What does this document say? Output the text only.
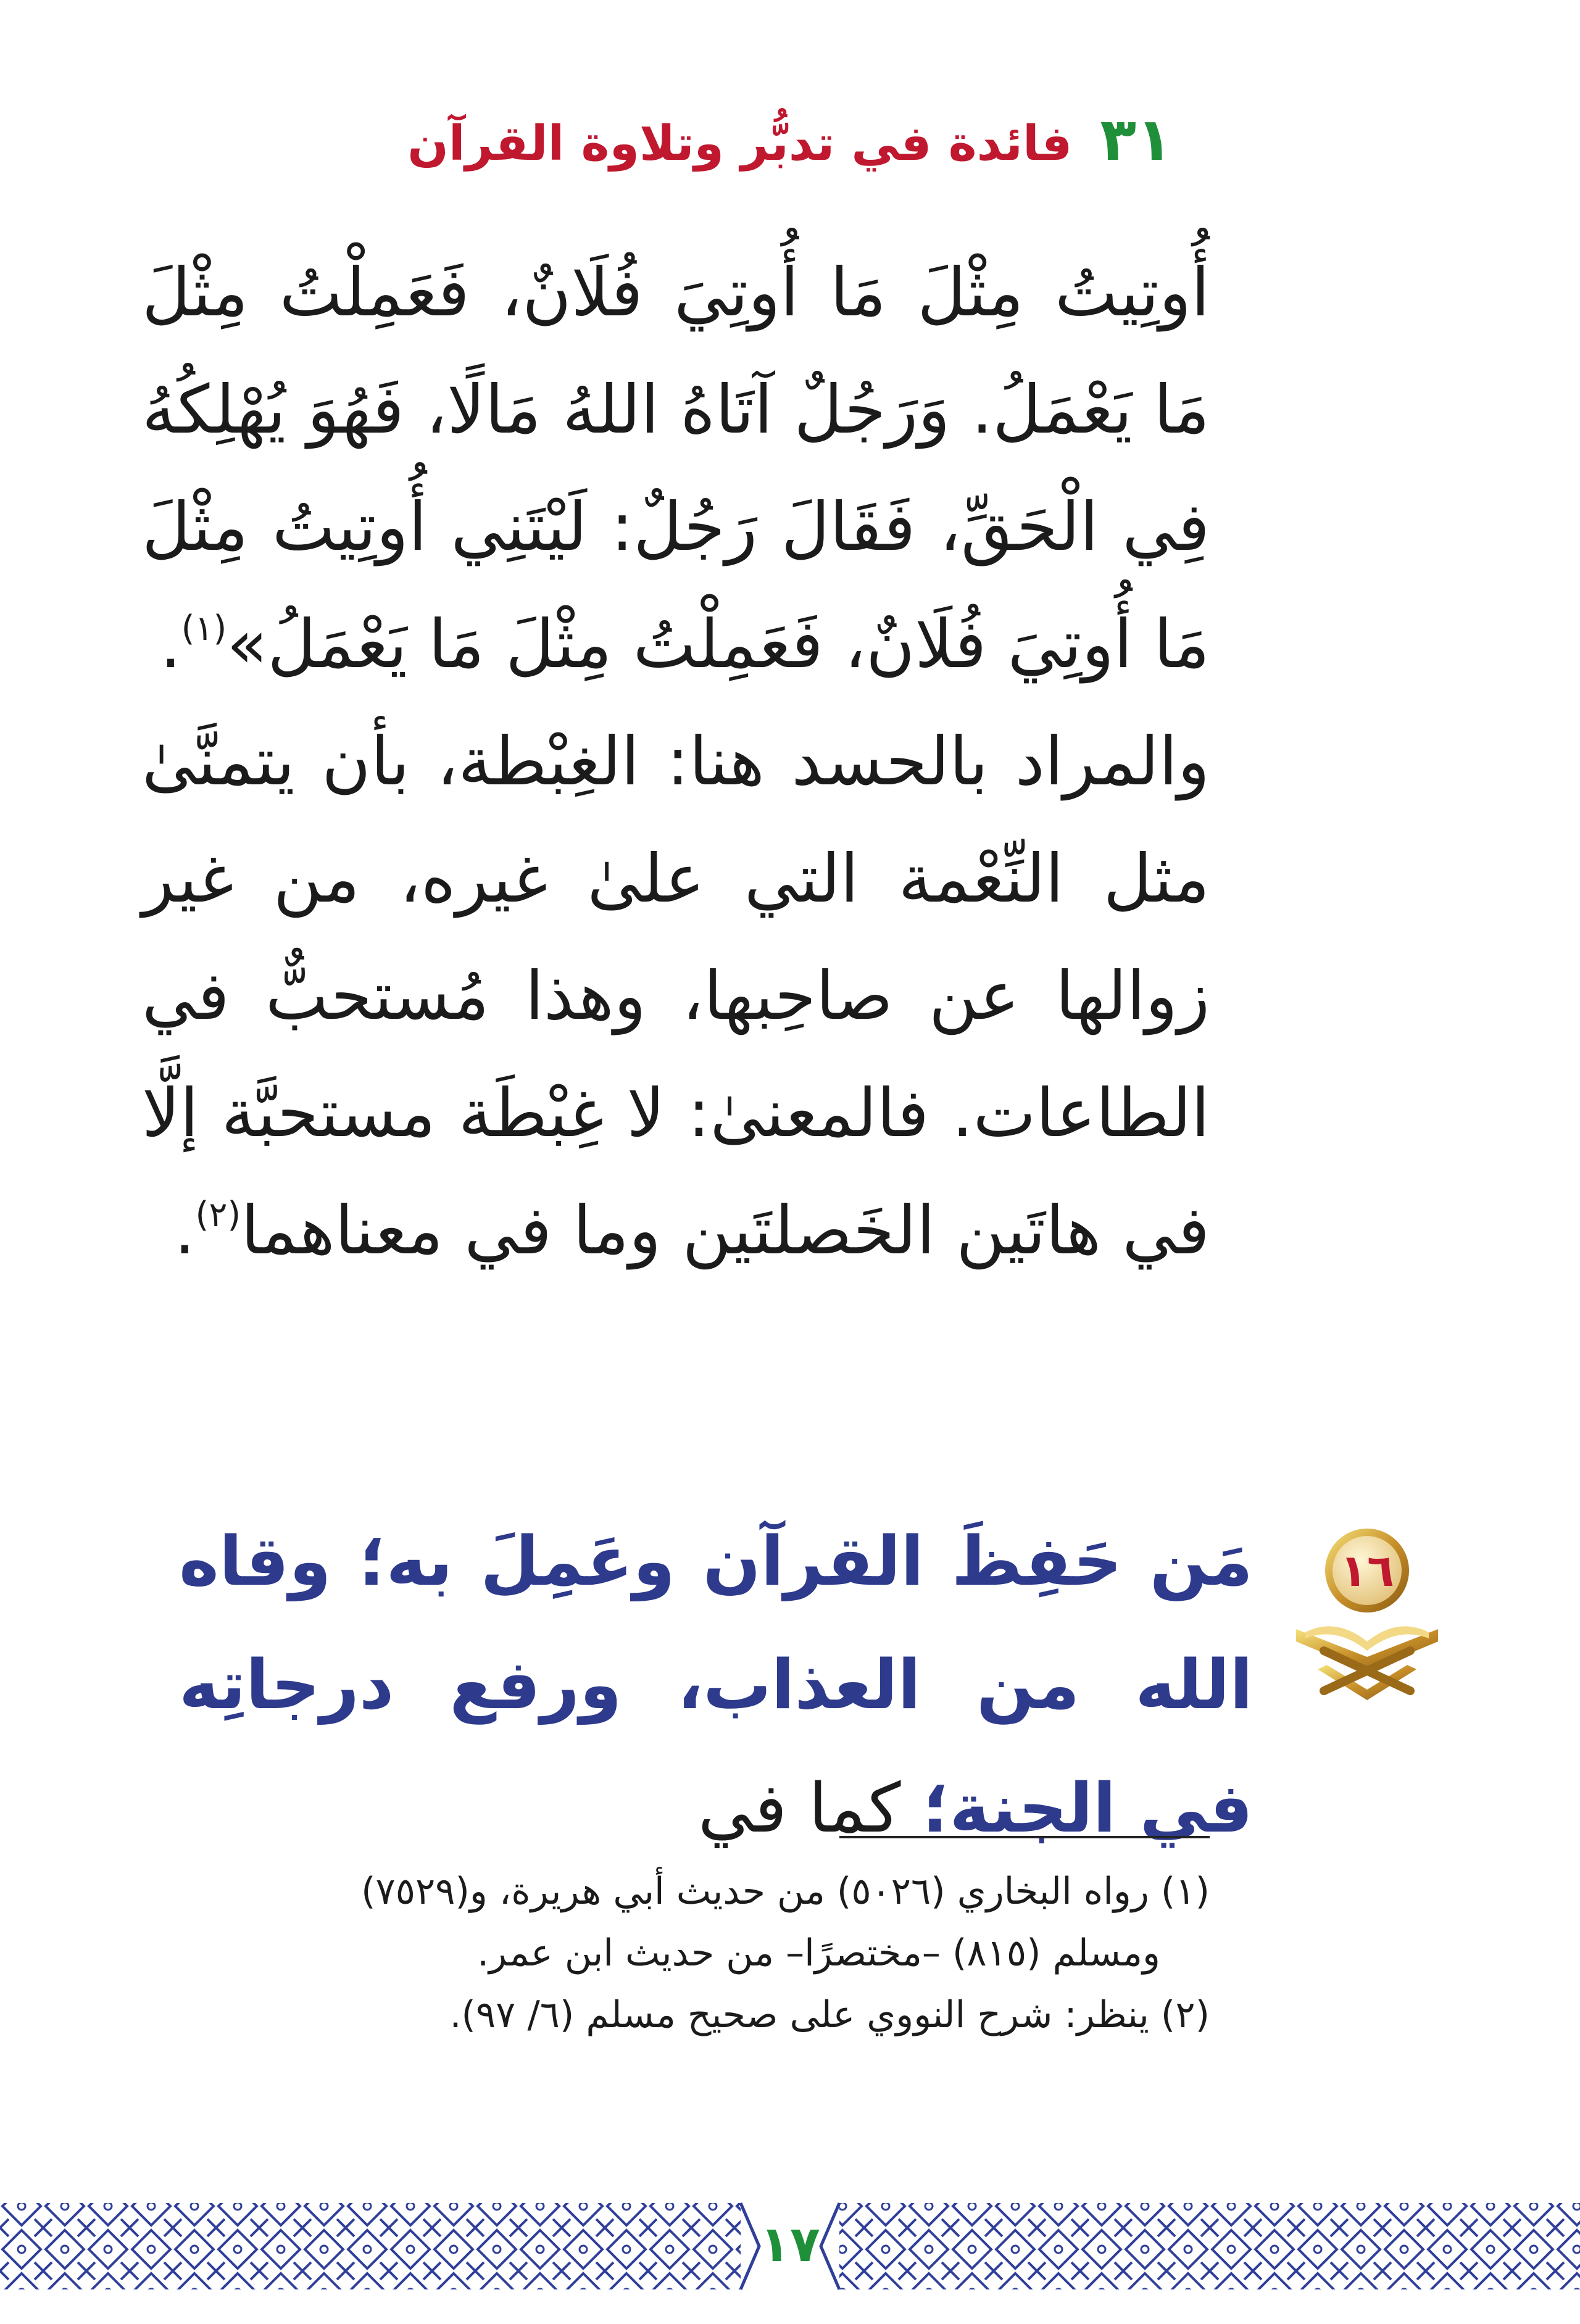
٣١ فائدة في تدبُّر وتلاوة القرآن

أُوتِيتُ مِثْلَ مَا أُوتِيَ فُلَانٌ، فَعَمِلْتُ مِثْلَ مَا يَعْمَلُ. وَرَجُلٌ آتَاهُ اللهُ مَالًا، فَهُوَ يُهْلِكُهُ فِي الْحَقِّ، فَقَالَ رَجُلٌ: لَيْتَنِي أُوتِيتُ مِثْلَ مَا أُوتِيَ فُلَانٌ، فَعَمِلْتُ مِثْلَ مَا يَعْمَلُ»$^{(١)}$.

والمراد بالحسد هنا: الغِبْطة، بأن يتمنَّىٰ مثل النِّعْمة التي علىٰ غيره، من غير زوالها عن صاحِبها، وهذا مُستحبٌّ في الطاعات. فالمعنىٰ: لا غِبْطَة مستحبَّة إلَّا في هاتَين الخَصلتَين وما في معناهما$^{(٢)}$.

١٦
مَن حَفِظَ القرآن وعَمِلَ به؛ وقاه الله من العذاب، ورفع درجاتِه في الجنة؛ كما في

(١) رواه البخاري (٥٠٢٦) من حديث أبي هريرة، و(٧٥٢٩)

ومسلم (٨١٥) –مختصرًا– من حديث ابن عمر.

(٢) ينظر: شرح النووي على صحيح مسلم (٦/ ٩٧).

١٧
